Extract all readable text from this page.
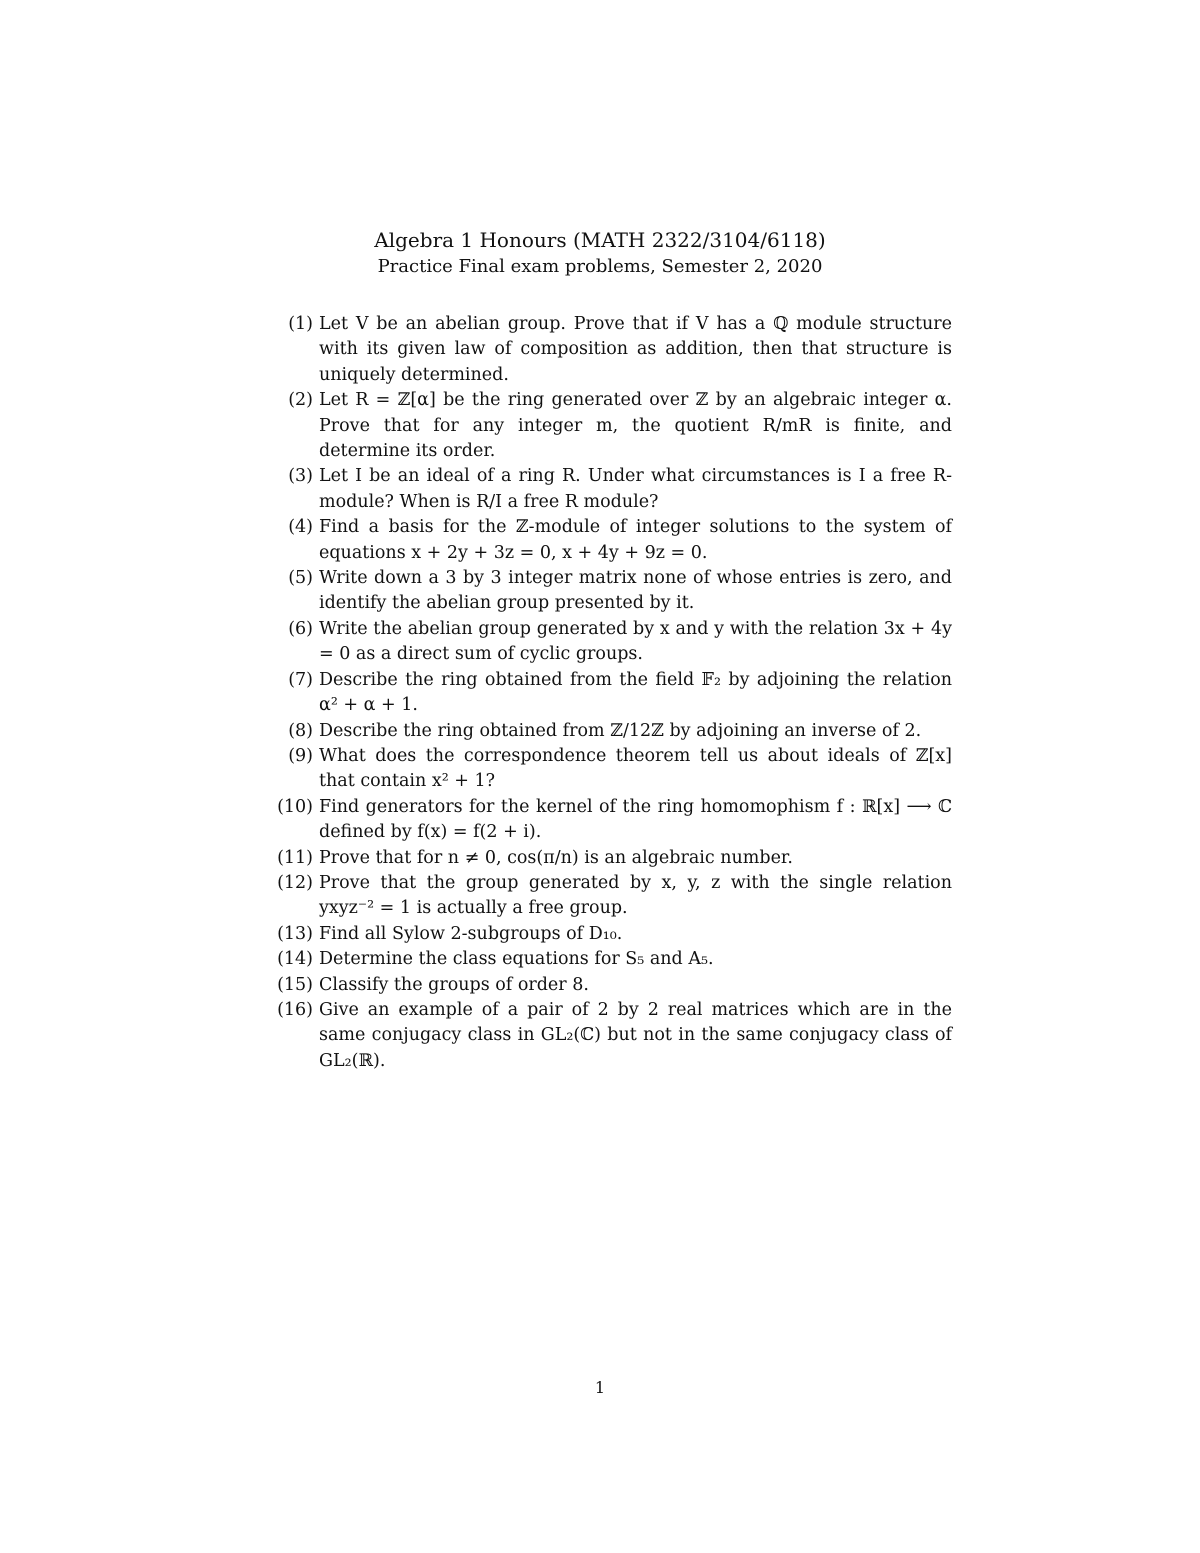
Algebra 1 Honours (MATH 2322/3104/6118)
Practice Final exam problems, Semester 2, 2020
(1) Let V be an abelian group. Prove that if V has a ℚ module structure with its given law of composition as addition, then that structure is uniquely determined.
(2) Let R = ℤ[α] be the ring generated over ℤ by an algebraic integer α. Prove that for any integer m, the quotient R/mR is finite, and determine its order.
(3) Let I be an ideal of a ring R. Under what circumstances is I a free R-module? When is R/I a free R module?
(4) Find a basis for the ℤ-module of integer solutions to the system of equations x + 2y + 3z = 0, x + 4y + 9z = 0.
(5) Write down a 3 by 3 integer matrix none of whose entries is zero, and identify the abelian group presented by it.
(6) Write the abelian group generated by x and y with the relation 3x + 4y = 0 as a direct sum of cyclic groups.
(7) Describe the ring obtained from the field 𝔽₂ by adjoining the relation α² + α + 1.
(8) Describe the ring obtained from ℤ/12ℤ by adjoining an inverse of 2.
(9) What does the correspondence theorem tell us about ideals of ℤ[x] that contain x² + 1?
(10) Find generators for the kernel of the ring homomophism f : ℝ[x] ⟶ ℂ defined by f(x) = f(2 + i).
(11) Prove that for n ≠ 0, cos(π/n) is an algebraic number.
(12) Prove that the group generated by x, y, z with the single relation yxyz⁻² = 1 is actually a free group.
(13) Find all Sylow 2-subgroups of D₁₀.
(14) Determine the class equations for S₅ and A₅.
(15) Classify the groups of order 8.
(16) Give an example of a pair of 2 by 2 real matrices which are in the same conjugacy class in GL₂(ℂ) but not in the same conjugacy class of GL₂(ℝ).
1
